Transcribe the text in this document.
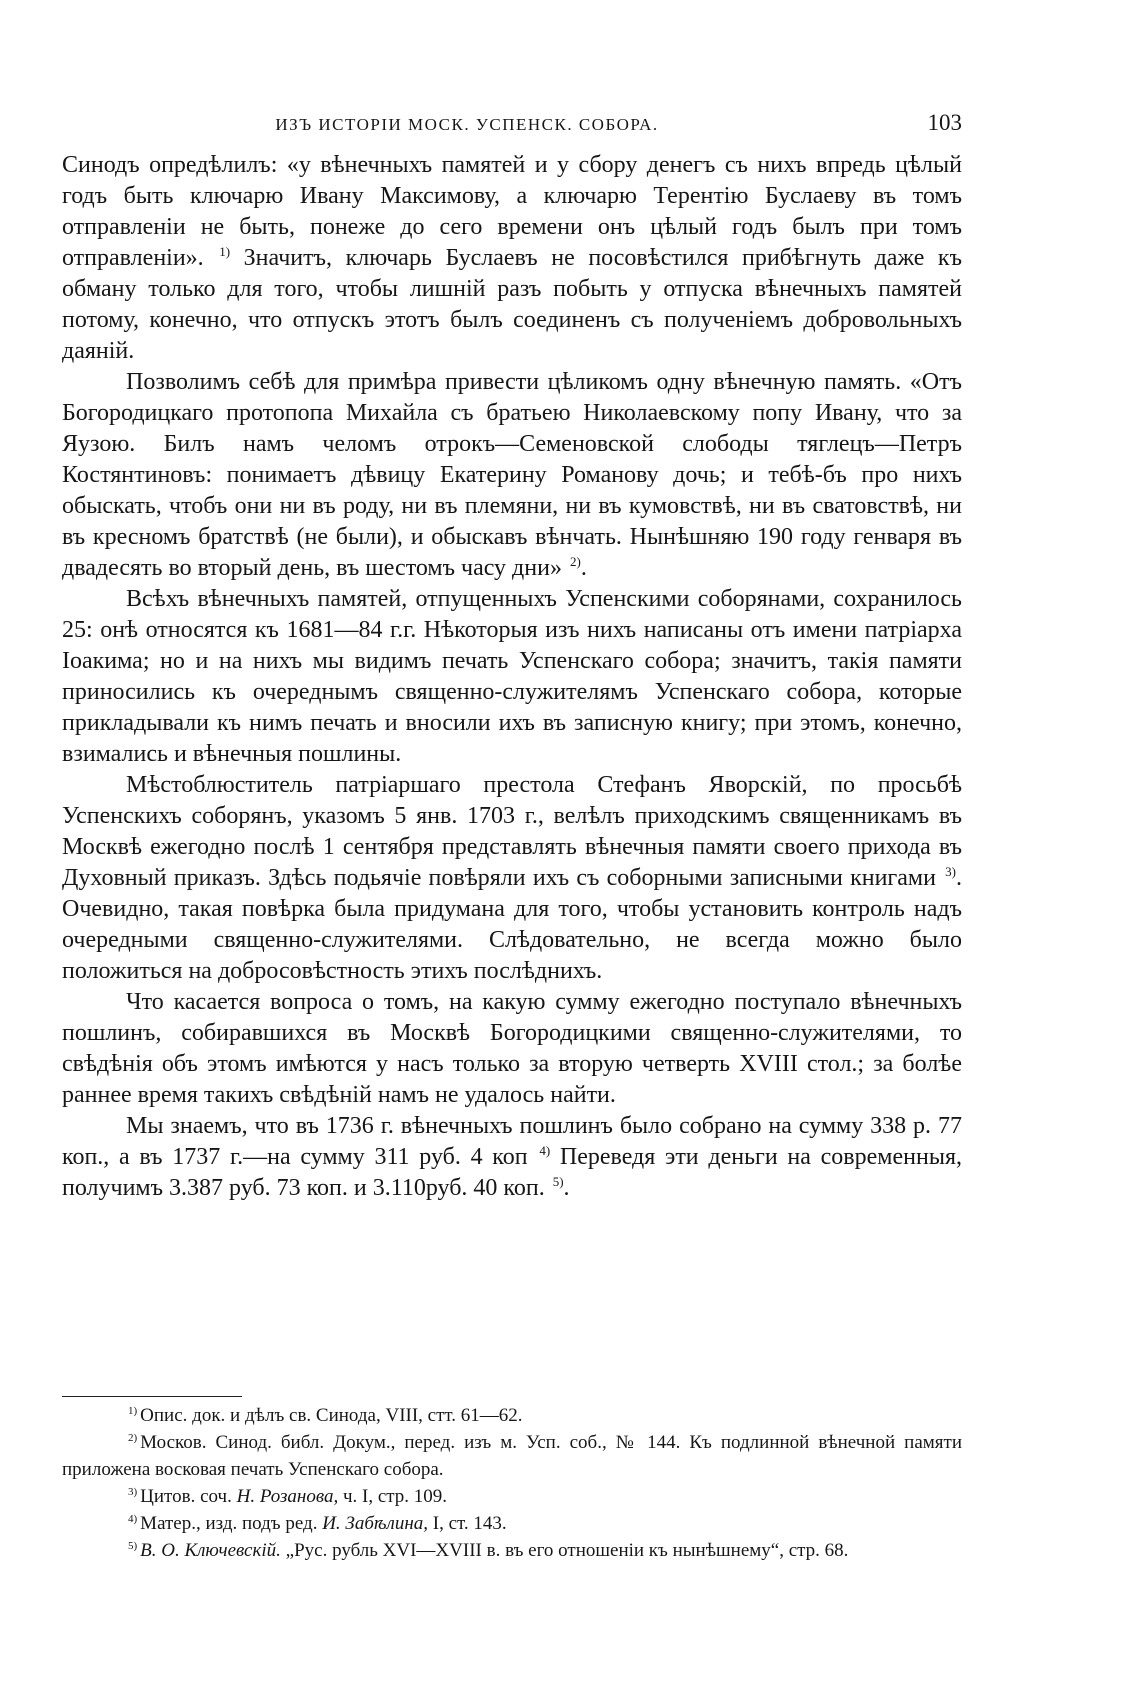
ИЗЪ ИСТОРІИ МОСК. УСПЕНСК. СОБОРА.	103

Синодъ опредѣлилъ: «у вѣнечныхъ памятей и у сбору денегъ съ нихъ впредь цѣлый годъ быть ключарю Ивану Максимову, а ключарю Терентію Буслаеву въ томъ отправленіи не быть, понеже до сего времени онъ цѣлый годъ былъ при томъ отправленіи». $^{1)}$ Значитъ, ключарь Буслаевъ не посовѣстился прибѣгнуть даже къ обману только для того, чтобы лишній разъ побыть у отпуска вѣнечныхъ памятей потому, конечно, что отпускъ этотъ былъ соединенъ съ полученіемъ добровольныхъ даяній.

Позволимъ себѣ для примѣра привести цѣликомъ одну вѣнечную память. «Отъ Богородицкаго протопопа Михайла съ братьею Николаевскому попу Ивану, что за Яузою. Билъ намъ челомъ отрокъ—Семеновской слободы тяглецъ—Петръ Костянтиновъ: понимаетъ дѣвицу Екатерину Романову дочь; и тебѣ-бъ про нихъ обыскать, чтобъ они ни въ роду, ни въ племяни, ни въ кумовствѣ, ни въ сватовствѣ, ни въ кресномъ братствѣ (не были), и обыскавъ вѣнчать. Нынѣшняю 190 году генваря въ двадесять во вторый день, въ шестомъ часу дни» $^{2)}$.

Всѣхъ вѣнечныхъ памятей, отпущенныхъ Успенскими соборянами, сохранилось 25: онѣ относятся къ 1681—84 г.г. Нѣкоторыя изъ нихъ написаны отъ имени патріарха Іоакима; но и на нихъ мы видимъ печать Успенскаго собора; значитъ, такія памяти приносились къ очереднымъ священно-служителямъ Успенскаго собора, которые прикладывали къ нимъ печать и вносили ихъ въ записную книгу; при этомъ, конечно, взимались и вѣнечныя пошлины.

Мѣстоблюститель патріаршаго престола Стефанъ Яворскій, по просьбѣ Успенскихъ соборянъ, указомъ 5 янв. 1703 г., велѣлъ приходскимъ священникамъ въ Москвѣ ежегодно послѣ 1 сентября представлять вѣнечныя памяти своего прихода въ Духовный приказъ. Здѣсь подьячіе повѣряли ихъ съ соборными записными книгами $^{3)}$. Очевидно, такая повѣрка была придумана для того, чтобы установить контроль надъ очередными священно-служителями. Слѣдовательно, не всегда можно было положиться на добросовѣстность этихъ послѣднихъ.

Что касается вопроса о томъ, на какую сумму ежегодно поступало вѣнечныхъ пошлинъ, собиравшихся въ Москвѣ Богородицкими священно-служителями, то свѣдѣнія объ этомъ имѣются у насъ только за вторую четверть XVIII стол.; за болѣе раннее время такихъ свѣдѣній намъ не удалось найти.

Мы знаемъ, что въ 1736 г. вѣнечныхъ пошлинъ было собрано на сумму 338 р. 77 коп., а въ 1737 г.—на сумму 311 руб. 4 коп $^{4)}$ Переведя эти деньги на современныя, получимъ 3.387 руб. 73 коп. и 3.110руб. 40 коп. $^{5)}$.

$^{1)}$ Опис. док. и дѣлъ св. Синода, VIII, стт. 61—62.

$^{2)}$ Москов. Синод. библ. Докум., перед. изъ м. Усп. соб., № 144. Къ подлинной вѣнечной памяти приложена восковая печать Успенскаго собора.

$^{3)}$ Цитов. соч. Н. Розанова, ч. I, стр. 109.

$^{4)}$ Матер., изд. подъ ред. И. Забѣлина, I, ст. 143.

$^{5)}$ В. О. Ключевскій. „Рус. рубль XVI—XVIII в. въ его отношеніи къ нынѣшнему“, стр. 68.
